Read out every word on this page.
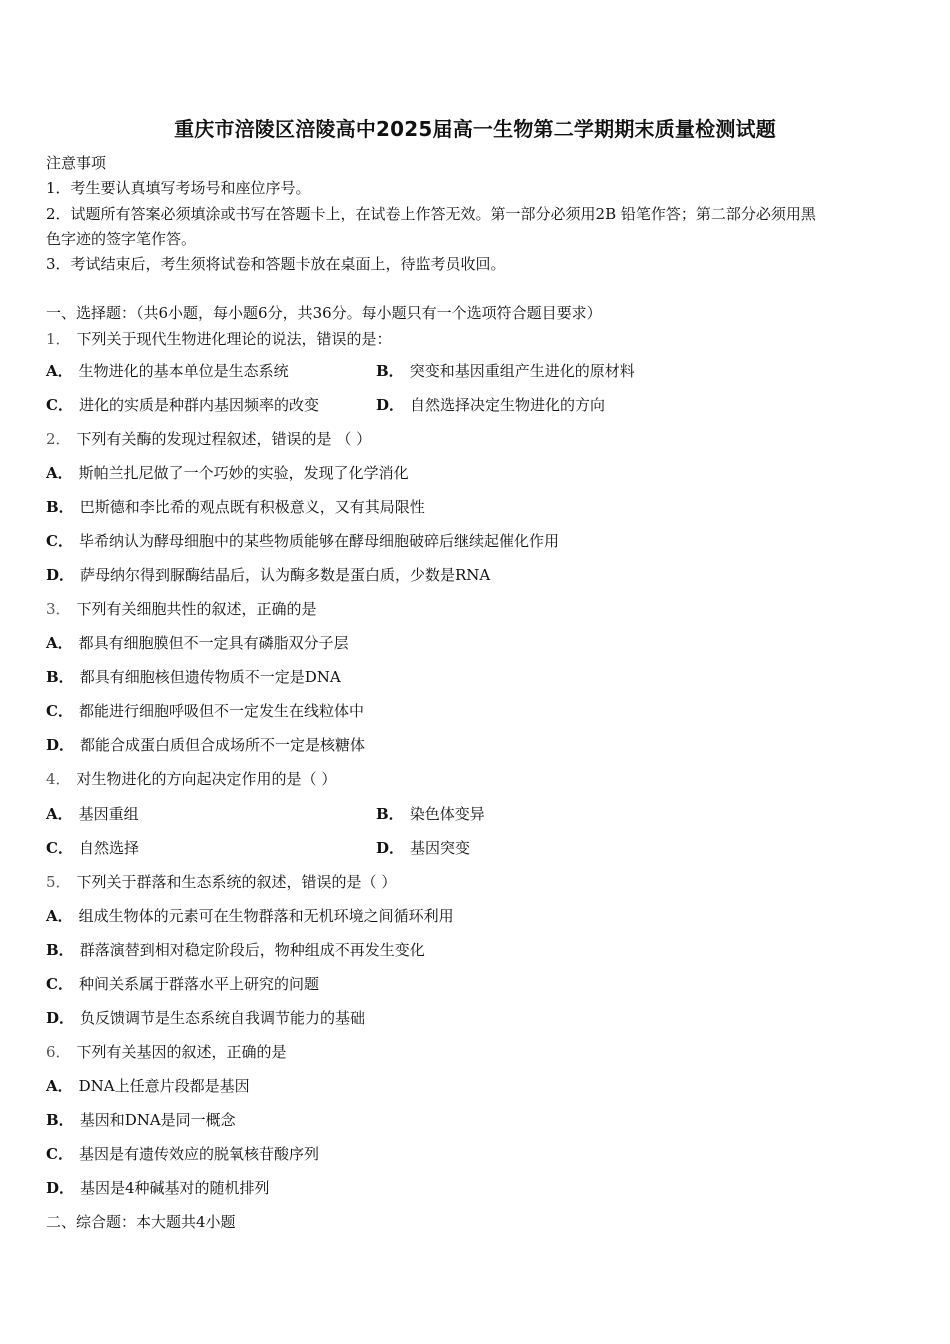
重庆市涪陵区涪陵高中2025届高一生物第二学期期末质量检测试题
注意事项
1．考生要认真填写考场号和座位序号。
2．试题所有答案必须填涂或书写在答题卡上，在试卷上作答无效。第一部分必须用2B 铅笔作答；第二部分必须用黑
色字迹的签字笔作答。
3．考试结束后，考生须将试卷和答题卡放在桌面上，待监考员收回。
一、选择题：（共6小题，每小题6分，共36分。每小题只有一个选项符合题目要求）
1． 下列关于现代生物进化理论的说法，错误的是：
A． 生物进化的基本单位是生态系统	B． 突变和基因重组产生进化的原材料
C． 进化的实质是种群内基因频率的改变	D． 自然选择决定生物进化的方向
2． 下列有关酶的发现过程叙述，错误的是 （ ）
A． 斯帕兰扎尼做了一个巧妙的实验，发现了化学消化
B． 巴斯德和李比希的观点既有积极意义，又有其局限性
C． 毕希纳认为酵母细胞中的某些物质能够在酵母细胞破碎后继续起催化作用
D． 萨母纳尔得到脲酶结晶后，认为酶多数是蛋白质，少数是RNA
3． 下列有关细胞共性的叙述，正确的是
A． 都具有细胞膜但不一定具有磷脂双分子层
B． 都具有细胞核但遗传物质不一定是DNA
C． 都能进行细胞呼吸但不一定发生在线粒体中
D． 都能合成蛋白质但合成场所不一定是核糖体
4． 对生物进化的方向起决定作用的是（ ）
A． 基因重组	B． 染色体变异
C． 自然选择	D． 基因突变
5． 下列关于群落和生态系统的叙述，错误的是（ ）
A． 组成生物体的元素可在生物群落和无机环境之间循环利用
B． 群落演替到相对稳定阶段后，物种组成不再发生变化
C． 种间关系属于群落水平上研究的问题
D． 负反馈调节是生态系统自我调节能力的基础
6． 下列有关基因的叙述，正确的是
A． DNA上任意片段都是基因
B． 基因和DNA是同一概念
C． 基因是有遗传效应的脱氧核苷酸序列
D． 基因是4种碱基对的随机排列
二、综合题：本大题共4小题
